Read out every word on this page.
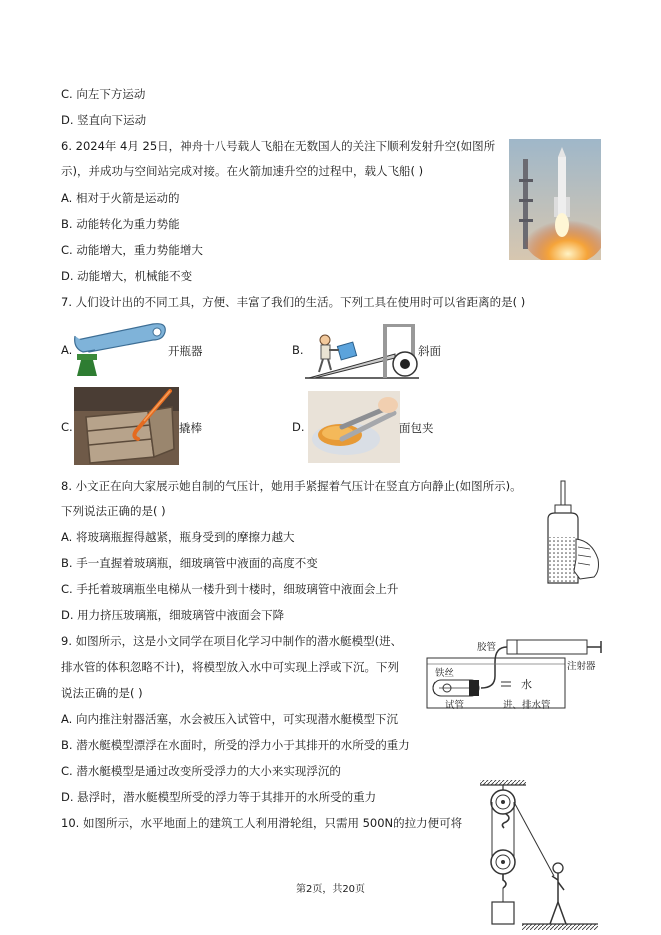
C. 向左下方运动
D. 竖直向下运动
6. 2024年 4月 25日，神舟十八号载人飞船在无数国人的关注下顺利发射升空(如图所
示)，并成功与空间站完成对接。在火箭加速升空的过程中，载人飞船( )
A. 相对于火箭是运动的
B. 动能转化为重力势能
C. 动能增大，重力势能增大
D. 动能增大，机械能不变
7. 人们设计出的不同工具，方便、丰富了我们的生活。下列工具在使用时可以省距离的是( )
A.	开瓶器	B.	斜面
C.	撬棒	D.	面包夹
8. 小文正在向大家展示她自制的气压计，她用手紧握着气压计在竖直方向静止(如图所示)。
下列说法正确的是( )
A. 将玻璃瓶握得越紧，瓶身受到的摩擦力越大
B. 手一直握着玻璃瓶，细玻璃管中液面的高度不变
C. 手托着玻璃瓶坐电梯从一楼升到十楼时，细玻璃管中液面会上升
D. 用力挤压玻璃瓶，细玻璃管中液面会下降
9. 如图所示，这是小文同学在项目化学习中制作的潜水艇模型(进、
排水管的体积忽略不计)，将模型放入水中可实现上浮或下沉。下列
说法正确的是( )
A. 向内推注射器活塞，水会被压入试管中，可实现潜水艇模型下沉
B. 潜水艇模型漂浮在水面时，所受的浮力小于其排开的水所受的重力
C. 潜水艇模型是通过改变所受浮力的大小来实现浮沉的
D. 悬浮时，潜水艇模型所受的浮力等于其排开的水所受的重力
胶管
铁丝
水
注射器
试管	进、排水管
10. 如图所示，水平地面上的建筑工人利用滑轮组，只需用 500N的拉力便可将
第2页，共20页
